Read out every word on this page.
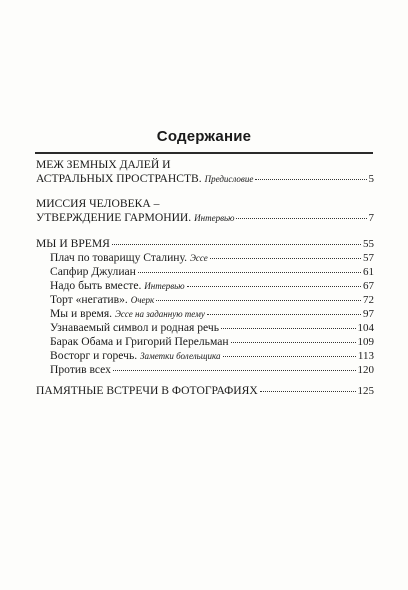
Содержание
МЕЖ ЗЕМНЫХ ДАЛЕЙ И
АСТРАЛЬНЫХ ПРОСТРАНСТВ.
Предисловие	5
МИССИЯ ЧЕЛОВЕКА –
УТВЕРЖДЕНИЕ ГАРМОНИИ.
Интервью	7
МЫ И ВРЕМЯ	55
Плач по товарищу Сталину.
Эссе	57
Сапфир Джулиан	61
Надо быть вместе.
Интервью	67
Торт «негатив».
Очерк	72
Мы и время.
Эссе на заданную тему	97
Узнаваемый символ и родная речь	104
Барак Обама и Григорий Перельман	109
Восторг и горечь.
Заметки болельщика	113
Против всех	120
ПАМЯТНЫЕ ВСТРЕЧИ В ФОТОГРАФИЯХ	125
